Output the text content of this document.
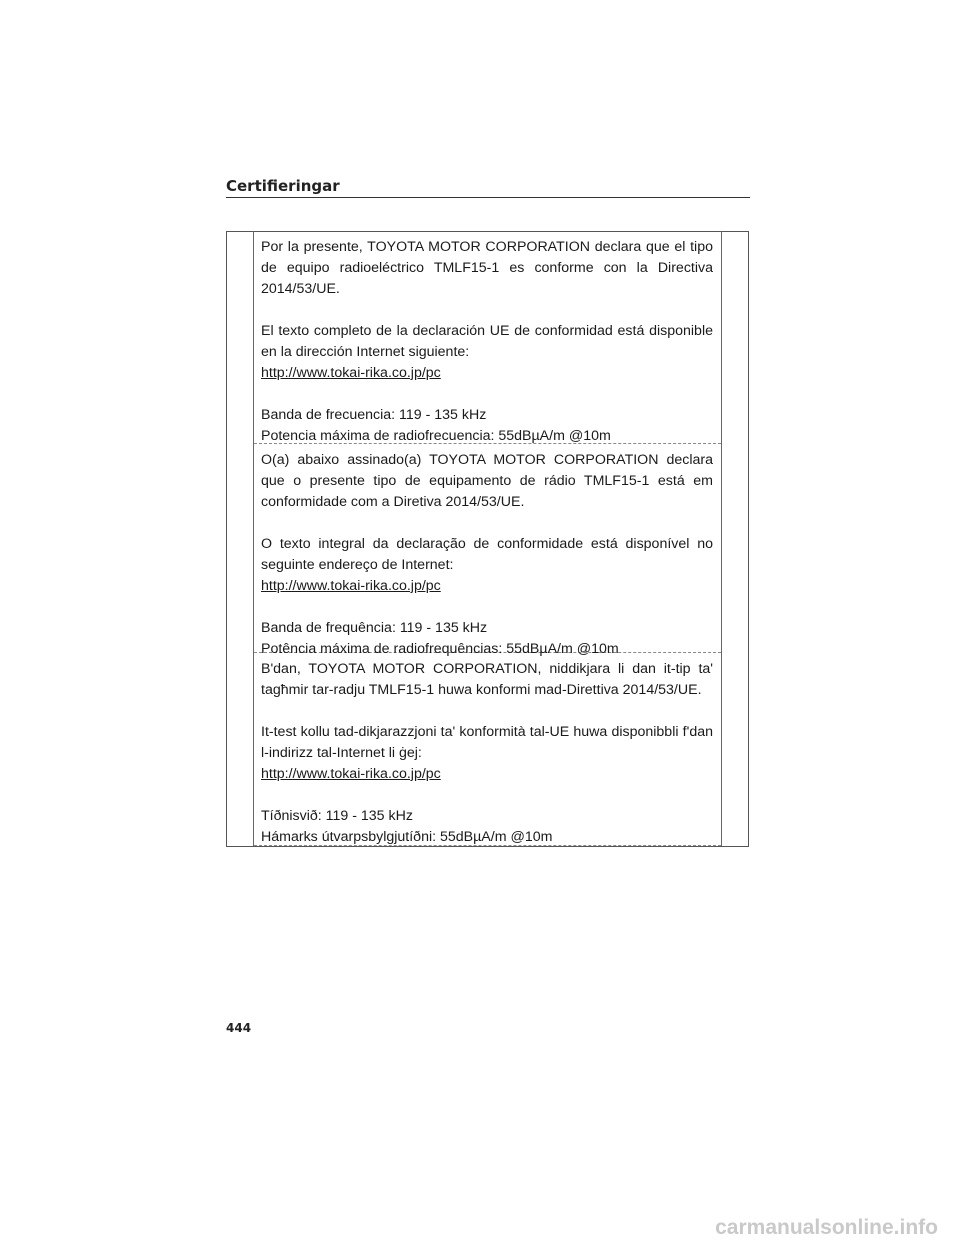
Certifieringar

Por la presente, TOYOTA MOTOR CORPORATION declara que el tipo de equipo radioeléctrico TMLF15-1 es conforme con la Directiva 2014/53/UE.

El texto completo de la declaración UE de conformidad está disponible en la dirección Internet siguiente:

http://www.tokai-rika.co.jp/pc

Banda de frecuencia: 119 - 135 kHz

Potencia máxima de radiofrecuencia: 55dBµA/m @10m

O(a) abaixo assinado(a) TOYOTA MOTOR CORPORATION declara que o presente tipo de equipamento de rádio TMLF15-1 está em conformidade com a Diretiva 2014/53/UE.

O texto integral da declaração de conformidade está disponível no seguinte endereço de Internet:

http://www.tokai-rika.co.jp/pc

Banda de frequência: 119 - 135 kHz

Potência máxima de radiofrequências: 55dBµA/m @10m

B'dan, TOYOTA MOTOR CORPORATION, niddikjara li dan it-tip ta' tagħmir tar-radju TMLF15-1 huwa konformi mad-Direttiva 2014/53/UE.

It-test kollu tad-dikjarazzjoni ta' konformità tal-UE huwa disponibbli f'dan l-indirizz tal-Internet li ġej:

http://www.tokai-rika.co.jp/pc

Tíðnisvið: 119 - 135 kHz

Hámarks útvarpsbylgjutíðni: 55dBµA/m @10m

444
carmanualsonline.info
